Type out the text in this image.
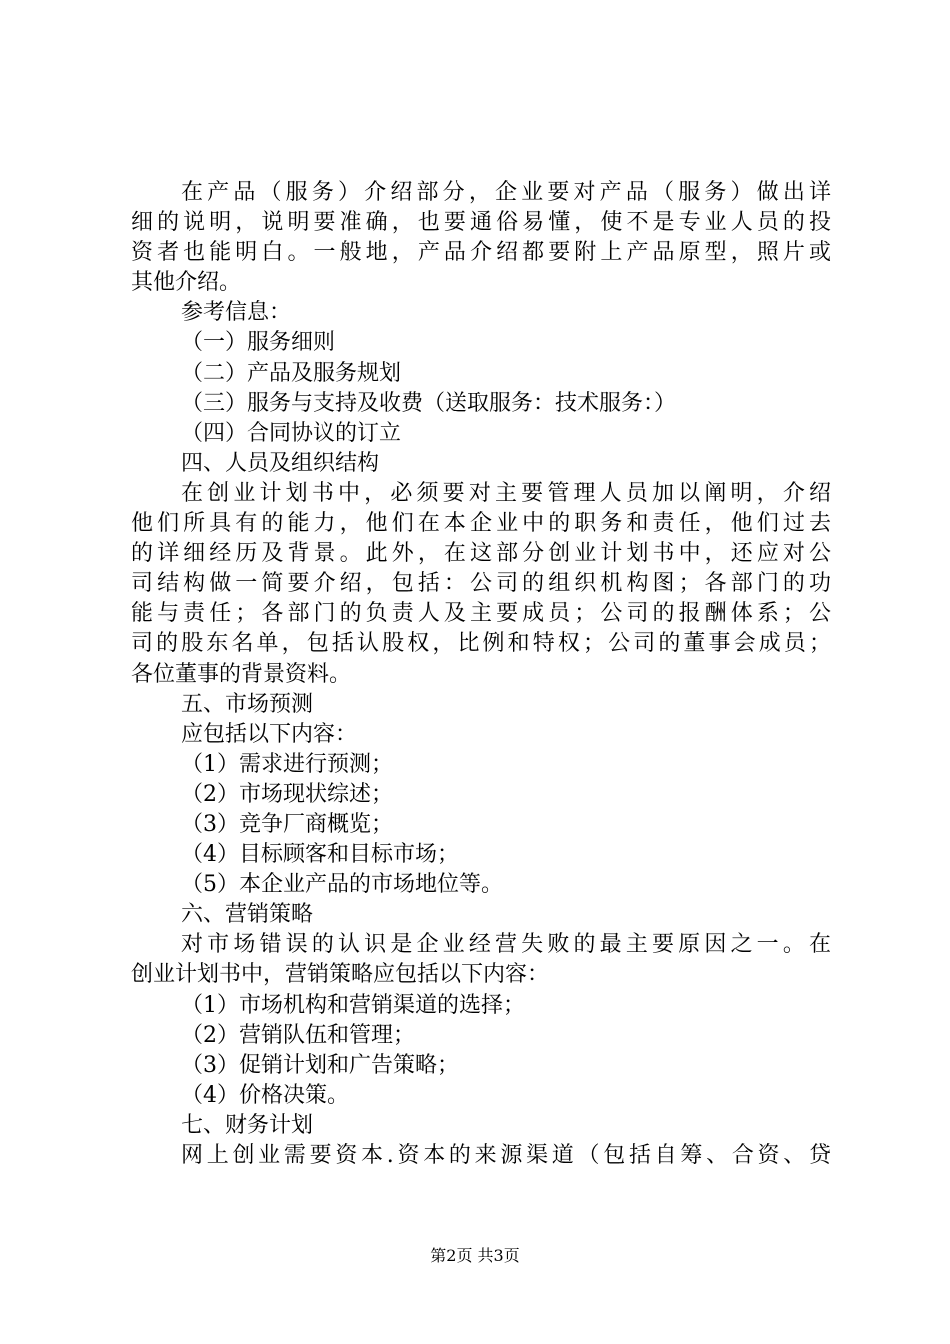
在产品（服务）介绍部分，企业要对产品（服务）做出详
细的说明，说明要准确，也要通俗易懂，使不是专业人员的投
资者也能明白。一般地，产品介绍都要附上产品原型，照片或
其他介绍。
参考信息：
（一）服务细则
（二）产品及服务规划
（三）服务与支持及收费（送取服务：技术服务：）
（四）合同协议的订立
四、人员及组织结构
在创业计划书中，必须要对主要管理人员加以阐明，介绍
他们所具有的能力，他们在本企业中的职务和责任，他们过去
的详细经历及背景。此外，在这部分创业计划书中，还应对公
司结构做一简要介绍，包括：公司的组织机构图；各部门的功
能与责任；各部门的负责人及主要成员；公司的报酬体系；公
司的股东名单，包括认股权，比例和特权；公司的董事会成员；
各位董事的背景资料。
五、市场预测
应包括以下内容：
（1）需求进行预测；
（2）市场现状综述；
（3）竞争厂商概览；
（4）目标顾客和目标市场；
（5）本企业产品的市场地位等。
六、营销策略
对市场错误的认识是企业经营失败的最主要原因之一。在
创业计划书中，营销策略应包括以下内容：
（1）市场机构和营销渠道的选择；
（2）营销队伍和管理；
（3）促销计划和广告策略；
（4）价格决策。
七、财务计划
网上创业需要资本.资本的来源渠道（包括自筹、合资、贷
第2页 共3页
